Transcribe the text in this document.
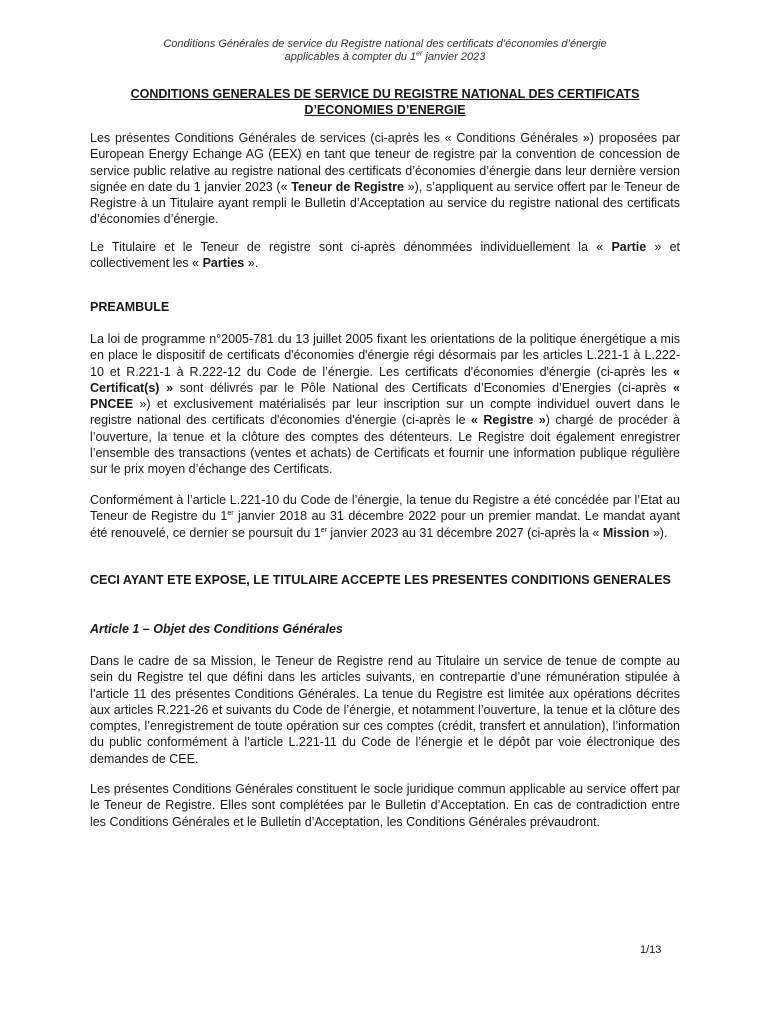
Conditions Générales de service du Registre national des certificats d’économies d’énergie
applicables à compter du 1er janvier 2023
CONDITIONS GENERALES DE SERVICE DU REGISTRE NATIONAL DES CERTIFICATS
D’ECONOMIES D’ENERGIE
Les présentes Conditions Générales de services (ci-après les « Conditions Générales ») proposées par European Energy Echange AG (EEX) en tant que teneur de registre par la convention de concession de service public relative au registre national des certificats d’économies d’énergie dans leur dernière version signée en date du 1 janvier 2023 (« Teneur de Registre »), s’appliquent au service offert par le Teneur de Registre à un Titulaire ayant rempli le Bulletin d’Acceptation au service du registre national des certificats d’économies d’énergie.
Le Titulaire et le Teneur de registre sont ci-après dénommées individuellement la « Partie » et collectivement les « Parties ».
PREAMBULE
La loi de programme n°2005-781 du 13 juillet 2005 fixant les orientations de la politique énergétique a mis en place le dispositif de certificats d'économies d'énergie régi désormais par les articles L.221-1 à L.222-10 et R.221-1 à R.222-12 du Code de l’énergie. Les certificats d'économies d'énergie (ci-après les « Certificat(s) » sont délivrés par le Pôle National des Certificats d’Economies d’Energies (ci-après « PNCEE ») et exclusivement matérialisés par leur inscription sur un compte individuel ouvert dans le registre national des certificats d'économies d'énergie (ci-après le « Registre ») chargé de procéder à l’ouverture, la tenue et la clôture des comptes des détenteurs. Le Registre doit également enregistrer l’ensemble des transactions (ventes et achats) de Certificats et fournir une information publique régulière sur le prix moyen d’échange des Certificats.
Conformément à l’article L.221-10 du Code de l’énergie, la tenue du Registre a été concédée par l’Etat au Teneur de Registre du 1er janvier 2018 au 31 décembre 2022 pour un premier mandat. Le mandat ayant été renouvelé, ce dernier se poursuit du 1er janvier 2023 au 31 décembre 2027 (ci-après la « Mission »).
CECI AYANT ETE EXPOSE, LE TITULAIRE ACCEPTE LES PRESENTES CONDITIONS GENERALES
Article 1 – Objet des Conditions Générales
Dans le cadre de sa Mission, le Teneur de Registre rend au Titulaire un service de tenue de compte au sein du Registre tel que défini dans les articles suivants, en contrepartie d’une rémunération stipulée à l’article 11 des présentes Conditions Générales. La tenue du Registre est limitée aux opérations décrites aux articles R.221-26 et suivants du Code de l’énergie, et notamment l’ouverture, la tenue et la clôture des comptes, l’enregistrement de toute opération sur ces comptes (crédit, transfert et annulation), l’information du public conformément à l’article L.221-11 du Code de l’énergie et le dépôt par voie électronique des demandes de CEE.
Les présentes Conditions Générales constituent le socle juridique commun applicable au service offert par le Teneur de Registre. Elles sont complétées par le Bulletin d’Acceptation. En cas de contradiction entre les Conditions Générales et le Bulletin d’Acceptation, les Conditions Générales prévaudront.
1/13
